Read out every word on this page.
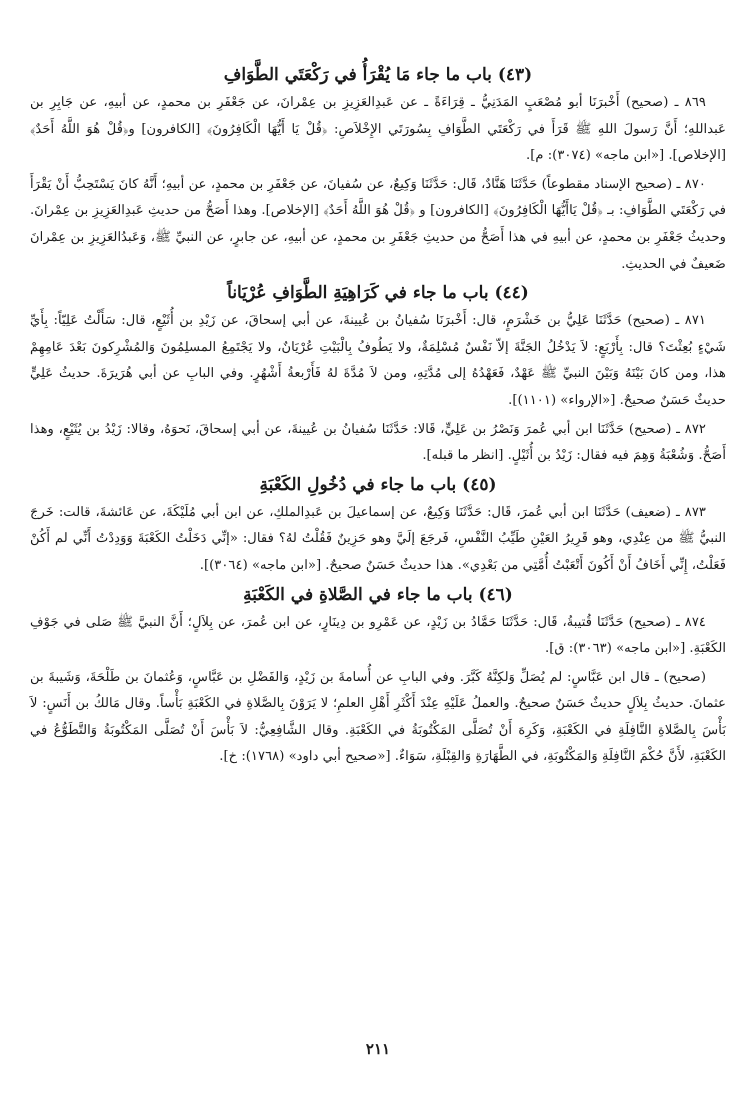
(٤٣) باب ما جاء مَا يُقْرَأُ في رَكْعَتَي الطَّوَافِ

٨٦٩ ـ (صحيح) أَخْبرَنَا أبو مُصْعَبٍ المَدَنِيُّ ـ قِرَاءَةً ـ عن عَبدِالعَزِيزِ بن عِمْرانَ، عن جَعْفَرِ بن محمدٍ، عن أبيهِ، عن جَابِرِ بن عَبداللهِ؛ أَنَّ رَسولَ اللهِ ﷺ قَرَأَ في رَكْعَتَي الطَّوَافِ بِسُورَتَي الإِخْلاَصِ: ﴿قُلْ يَا أَيُّهَا الْكَافِرُونَ﴾ [الكافرون] و﴿قُلْ هُوَ اللَّهُ أَحَدٌ﴾ [الإخلاص]. [«ابن ماجه» (٣٠٧٤): م].

٨٧٠ ـ (صحيح الإسناد مقطوعاً) حَدَّثَنَا هَنَّادٌ، قَال: حَدَّثَنَا وَكِيعٌ، عن سُفيانَ، عن جَعْفَرِ بن محمدٍ، عن أبيهِ؛ أَنَّهُ كانَ يَسْتَحِبُّ أَنْ يَقْرَأَ في رَكْعَتَي الطَّوَافِ: بـ ﴿قُلْ يَاأَيُّهَا الْكَافِرُونَ﴾ [الكافرون] و ﴿قُلْ هُوَ اللَّهُ أَحَدٌ﴾ [الإخلاص]. وهذا أَصَحُّ من حديثِ عَبدِالعَزِيزِ بن عِمْرانَ. وحديثُ جَعْفَرِ بن محمدٍ، عن أبيهِ في هذا أَصَحُّ من حديثِ جَعْفَرِ بن محمدٍ، عن أبيهِ، عن جابرٍ، عن النبيِّ ﷺ، وَعَبدُالعَزِيزِ بن عِمْرانَ ضَعيفٌ في الحديثِ.

(٤٤) باب ما جاء في كَرَاهِيَةِ الطَّوَافِ عُرْيَاناً

٨٧١ ـ (صحيح) حَدَّثَنَا عَلِيُّ بن خَشْرَمٍ، قال: أَخْبرَنَا سُفيانُ بن عُيينةَ، عن أبي إسحاقَ، عن زَيْدِ بن أُثَيْعٍ، قال: سَأَلْتُ عَلِيّاً: بِأَيِّ شَيْءٍ بُعِثْتَ؟ قال: بِأَرْبَعٍ: لاَ يَدْخُلُ الجَنَّةَ إلاّ نَفْسٌ مُسْلِمَةٌ، ولا يَطُوفُ بِالْبَيْتِ عُرْيَانٌ، ولا يَجْتَمِعُ المسلِمُونَ وَالمُشْرِكونَ بَعْدَ عَامِهِمْ هذا، ومن كانَ بَيْنَهُ وَبَيْنَ النبيِّ ﷺ عَهْدٌ، فَعَهْدُهُ إلى مُدَّتِهِ، ومن لاَ مُدَّةَ لهُ فَأَرْبعةُ أَشْهُرٍ. وفي البابِ عن أبي هُرَيرَةَ. حديثُ عَلِيٍّ حديثٌ حَسَنٌ صحيحٌ. [«الإرواء» (١١٠١)].

٨٧٢ ـ (صحيح) حَدَّثَنَا ابن أبي عُمرَ وَنَصْرُ بن عَلِيٍّ، قَالا: حَدَّثَنَا سُفيانُ بن عُيينةَ، عن أبي إسحاقَ، نَحوَهُ، وقالا: زَيْدُ بن يُثَيْعٍ، وهذا أَصَحُّ. وَشُعْبَةُ وَهِمَ فيه فقال: زَيْدُ بن أُثَيْلٍ. [انظر ما قبله].

(٤٥) باب ما جاء في دُخُولِ الكَعْبَةِ

٨٧٣ ـ (ضعيف) حَدَّثَنَا ابن أبي عُمرَ، قَال: حَدَّثَنَا وَكِيعٌ، عن إسماعيلَ بن عَبدِالملكِ، عن ابن أبي مُلَيْكَةَ، عن عَائشةَ، قالت: خَرجَ النبيُّ ﷺ من عِنْدِي، وهو قَرِيرُ العَيْنِ طَيِّبُ النَّفْسِ، فَرجَعَ إلَيَّ وهو حَزِينٌ فَقُلْتُ لهُ؟ فقال: «إنِّي دَخَلْتُ الكَعْبَةَ وَوَدِدْتُ أَنِّي لم أَكُنْ فَعَلْتُ، إِنِّي أَخَافُ أَنْ أَكُونَ أَتْعَبْتُ أُمَّتِي من بَعْدِي». هذا حديثٌ حَسَنٌ صحيحٌ. [«ابن ماجه» (٣٠٦٤)].

(٤٦) باب ما جاء في الصَّلاةِ في الكَعْبَةِ

٨٧٤ ـ (صحيح) حَدَّثَنَا قُتيبةُ، قَال: حَدَّثَنَا حَمَّادُ بن زَيْدٍ، عن عَمْرِو بن دِينَارٍ، عن ابن عُمرَ، عن بِلاَلٍ؛ أَنَّ النبيَّ ﷺ صَلى في جَوْفِ الكَعْبَةِ. [«ابن ماجه» (٣٠٦٣): ق].

(صحيح) ـ قال ابن عَبَّاسٍ: لم يُصَلِّ وَلكِنَّهُ كَبَّرَ. وفي البابِ عن أُسامةَ بن زَيْدٍ، وَالفَضْلِ بن عَبَّاسٍ، وَعُثمانَ بن طَلْحَةَ، وَشَيبةَ بن عثمانَ. حديثُ بِلاَلٍ حديثٌ حَسَنٌ صحيحٌ. والعملُ عَلَيْهِ عِنْدَ أَكْثَرِ أَهْلِ العلمِ؛ لا يَرَوْنَ بِالصَّلاةِ في الكَعْبَةِ بَأْساً. وقال مَالكُ بن أَنَسٍ: لاَ بَأْسَ بِالصَّلاةِ النَّافِلَةِ في الكَعْبَةِ، وَكَرِهَ أَنْ تُصَلَّى المَكْتُوبَةُ في الكَعْبَةِ. وقال الشَّافِعِيُّ: لاَ بَأْسَ أَنْ تُصَلَّى المَكْتُوبَةُ وَالتَّطَوُّعُ في الكَعْبَةِ، لأَنَّ حُكْمَ النَّافِلَةِ وَالمَكْتُوبَةِ، في الطَّهَارَةِ وَالقِبْلَةِ، سَوَاءٌ. [«صحيح أبي داود» (١٧٦٨): خ].

٢١١
